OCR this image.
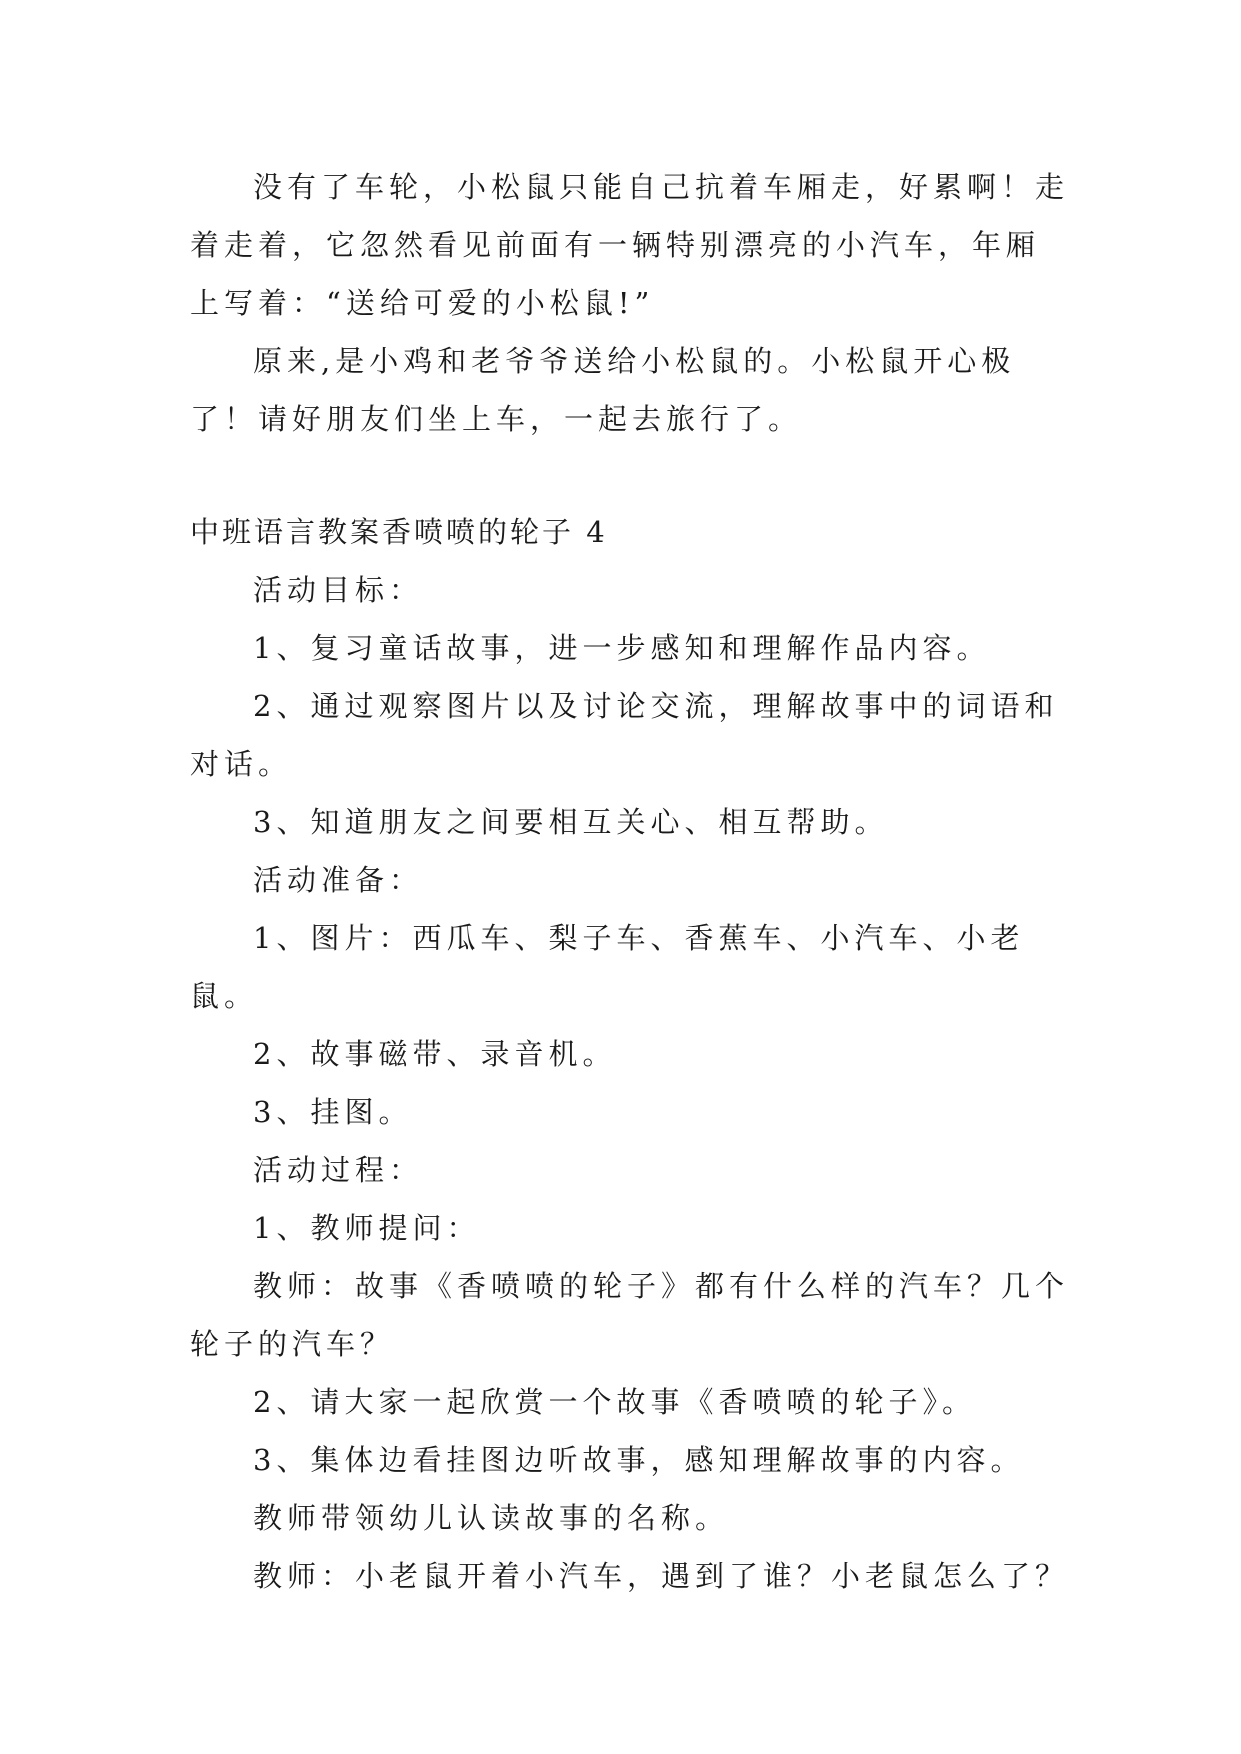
没有了车轮，小松鼠只能自己抗着车厢走，好累啊！走着走着，它忽然看见前面有一辆特别漂亮的小汽车，年厢上写着：“送给可爱的小松鼠!”

原来,是小鸡和老爷爷送给小松鼠的。小松鼠开心极了！请好朋友们坐上车，一起去旅行了。

中班语言教案香喷喷的轮子 4

活动目标：

1、复习童话故事，进一步感知和理解作品内容。

2、通过观察图片以及讨论交流，理解故事中的词语和对话。

3、知道朋友之间要相互关心、相互帮助。

活动准备：

1、图片：西瓜车、梨子车、香蕉车、小汽车、小老鼠。

2、故事磁带、录音机。

3、挂图。

活动过程：

1、教师提问：

教师：故事《香喷喷的轮子》都有什么样的汽车？几个轮子的汽车？

2、请大家一起欣赏一个故事《香喷喷的轮子》。

3、集体边看挂图边听故事，感知理解故事的内容。

教师带领幼儿认读故事的名称。

教师：小老鼠开着小汽车，遇到了谁？小老鼠怎么了？
